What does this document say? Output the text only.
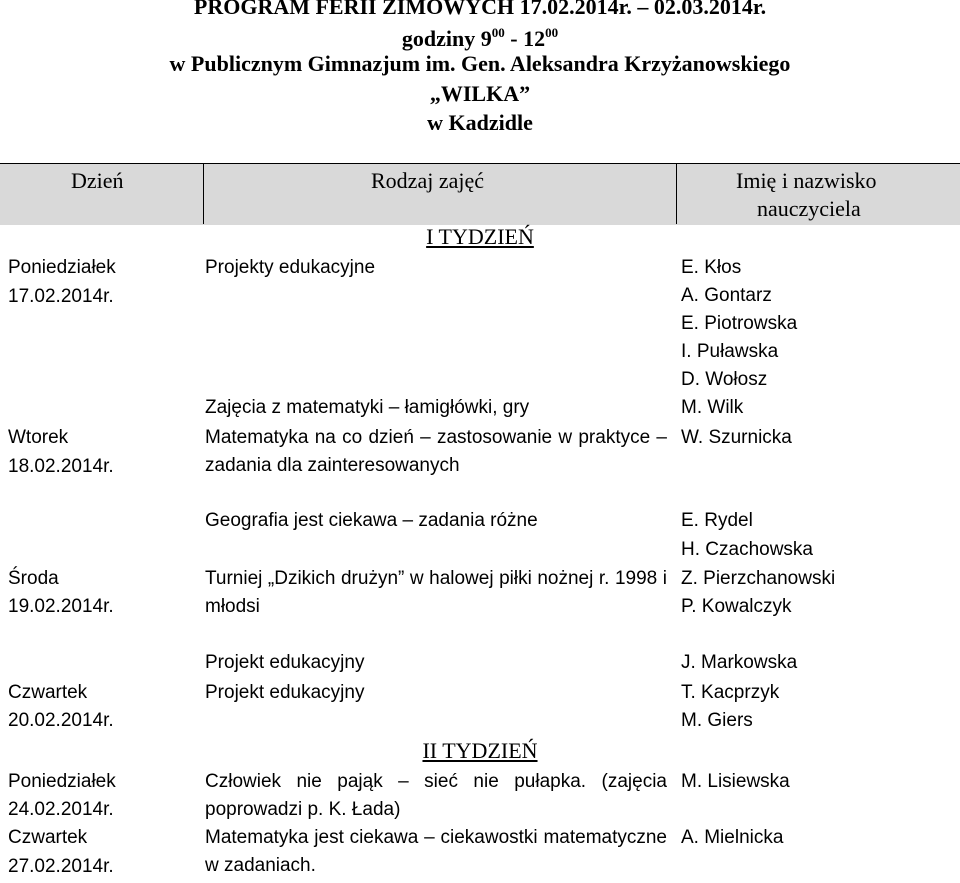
PROGRAM FERII ZIMOWYCH 17.02.2014r. – 02.03.2014r.
godziny $9^{00} - 12^{00}$
w Publicznym Gimnazjum im. Gen. Aleksandra Krzyżanowskiego
„WILKA”
w Kadzidle
Dzień	Rodzaj zajęć	Imię i nazwisko
nauczyciela
I TYDZIEŃ
Poniedziałek
17.02.2014r.
Wtorek
18.02.2014r.
Środa
19.02.2014r.
Czwartek
20.02.2014r.
Poniedziałek
24.02.2014r.
Czwartek
27.02.2014r.
Projekty edukacyjne
Zajęcia z matematyki – łamigłówki, gry
Matematyka na co dzień – zastosowanie w praktyce – zadania dla zainteresowanych
Geografia jest ciekawa – zadania różne
Turniej „Dzikich drużyn” w halowej piłki nożnej r. 1998 i młodsi
Projekt edukacyjny
Projekt edukacyjny
II TYDZIEŃ
Człowiek nie pająk – sieć nie pułapka. (zajęcia poprowadzi p. K. Łada)
Matematyka jest ciekawa – ciekawostki matematyczne w zadaniach.
E. Kłos
A. Gontarz
E. Piotrowska
I. Puławska
D. Wołosz
M. Wilk
W. Szurnicka
E. Rydel
H. Czachowska
Z. Pierzchanowski
P. Kowalczyk
J. Markowska
T. Kacprzyk
M. Giers
M. Lisiewska
A. Mielnicka
